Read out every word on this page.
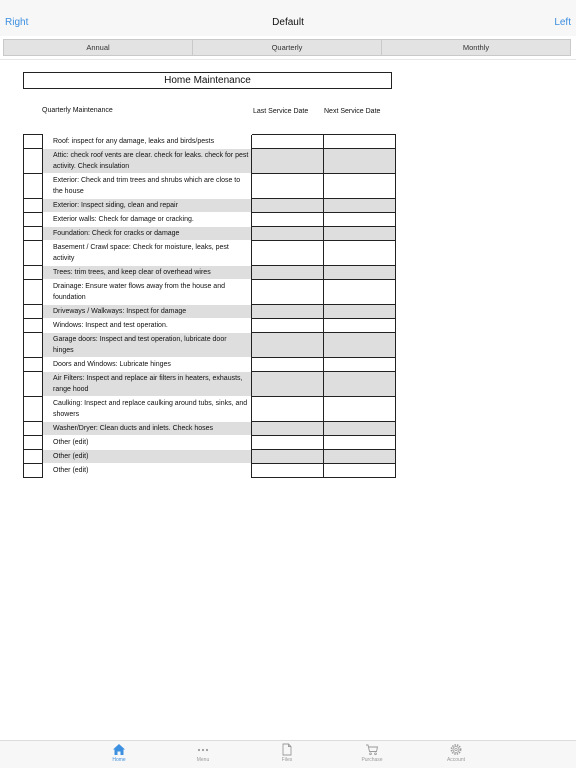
Right	Default	Left
Annual	Quarterly	Monthly
Home Maintenance
Quarterly Maintenance	Last Service Date Next Service Date
	Roof: inspect for any damage, leaks and birds/pests		
	Attic: check roof vents are clear. check for leaks. check for pest activity. Check insulation		
	Exterior: Check and trim trees and shrubs which are close to the house		
	Exterior: Inspect siding, clean and repair		
	Exterior walls: Check for damage or cracking.		
	Foundation: Check for cracks or damage		
	Basement / Crawl space: Check for moisture, leaks, pest activity		
	Trees: trim trees, and keep clear of overhead wires		
	Drainage: Ensure water flows away from the house and foundation		
	Driveways / Walkways: Inspect for damage		
	Windows: Inspect and test operation.		
	Garage doors: Inspect and test operation, lubricate door hinges		
	Doors and Windows: Lubricate hinges		
	Air Filters: Inspect and replace air filters in heaters, exhausts, range hood		
	Caulking: Inspect and replace caulking around tubs, sinks, and showers		
	Washer/Dryer: Clean ducts and inlets. Check hoses		
	Other (edit)		
	Other (edit)		
	Other (edit)		
Home	Menu	Files	Purchase	Account
